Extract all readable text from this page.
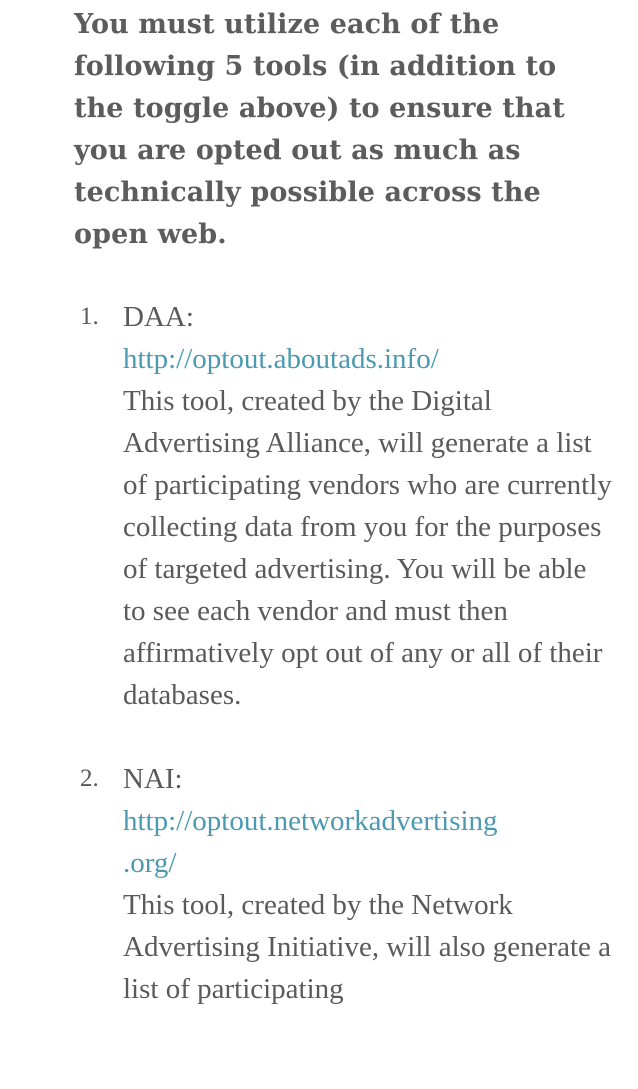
You must utilize each of the following 5 tools (in addition to the toggle above) to ensure that you are opted out as much as technically possible across the open web.

1. DAA:
http://optout.aboutads.info/
This tool, created by the Digital Advertising Alliance, will generate a list of participating vendors who are currently collecting data from you for the purposes of targeted advertising. You will be able to see each vendor and must then affirmatively opt out of any or all of their databases.
2. NAI:
http://optout.networkadvertising
.org/
This tool, created by the Network Advertising Initiative, will also generate a list of participating
